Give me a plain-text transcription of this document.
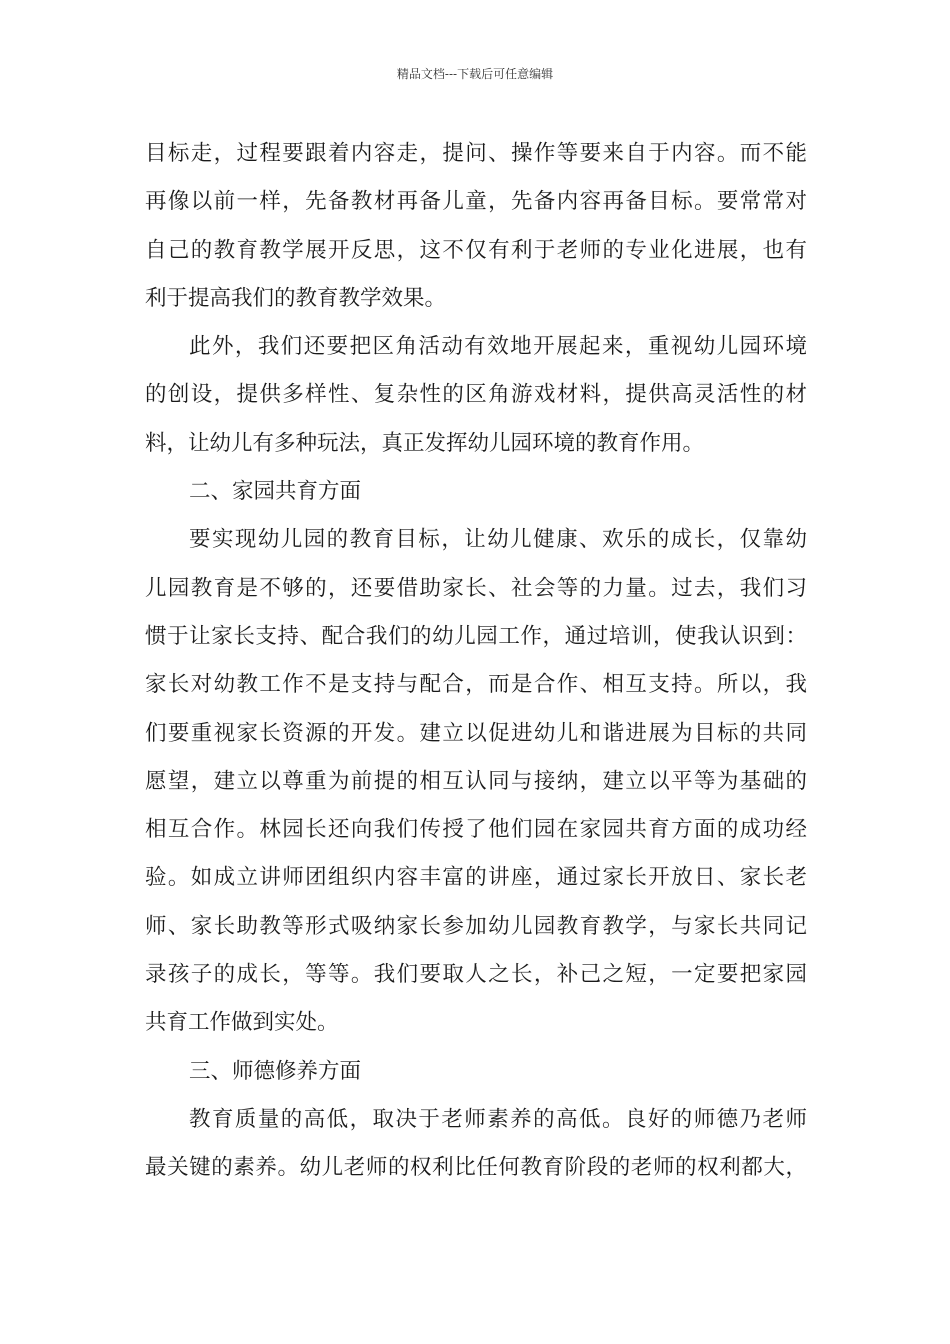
精品文档---下载后可任意编辑
目标走，过程要跟着内容走，提问、操作等要来自于内容。而不能
再像以前一样，先备教材再备儿童，先备内容再备目标。要常常对
自己的教育教学展开反思，这不仅有利于老师的专业化进展，也有
利于提高我们的教育教学效果。
此外，我们还要把区角活动有效地开展起来，重视幼儿园环境
的创设，提供多样性、复杂性的区角游戏材料，提供高灵活性的材
料，让幼儿有多种玩法，真正发挥幼儿园环境的教育作用。
二、家园共育方面
要实现幼儿园的教育目标，让幼儿健康、欢乐的成长，仅靠幼
儿园教育是不够的，还要借助家长、社会等的力量。过去，我们习
惯于让家长支持、配合我们的幼儿园工作，通过培训，使我认识到：
家长对幼教工作不是支持与配合，而是合作、相互支持。所以，我
们要重视家长资源的开发。建立以促进幼儿和谐进展为目标的共同
愿望，建立以尊重为前提的相互认同与接纳，建立以平等为基础的
相互合作。林园长还向我们传授了他们园在家园共育方面的成功经
验。如成立讲师团组织内容丰富的讲座，通过家长开放日、家长老
师、家长助教等形式吸纳家长参加幼儿园教育教学，与家长共同记
录孩子的成长，等等。我们要取人之长，补己之短，一定要把家园
共育工作做到实处。
三、师德修养方面
教育质量的高低，取决于老师素养的高低。良好的师德乃老师
最关键的素养。幼儿老师的权利比任何教育阶段的老师的权利都大，
